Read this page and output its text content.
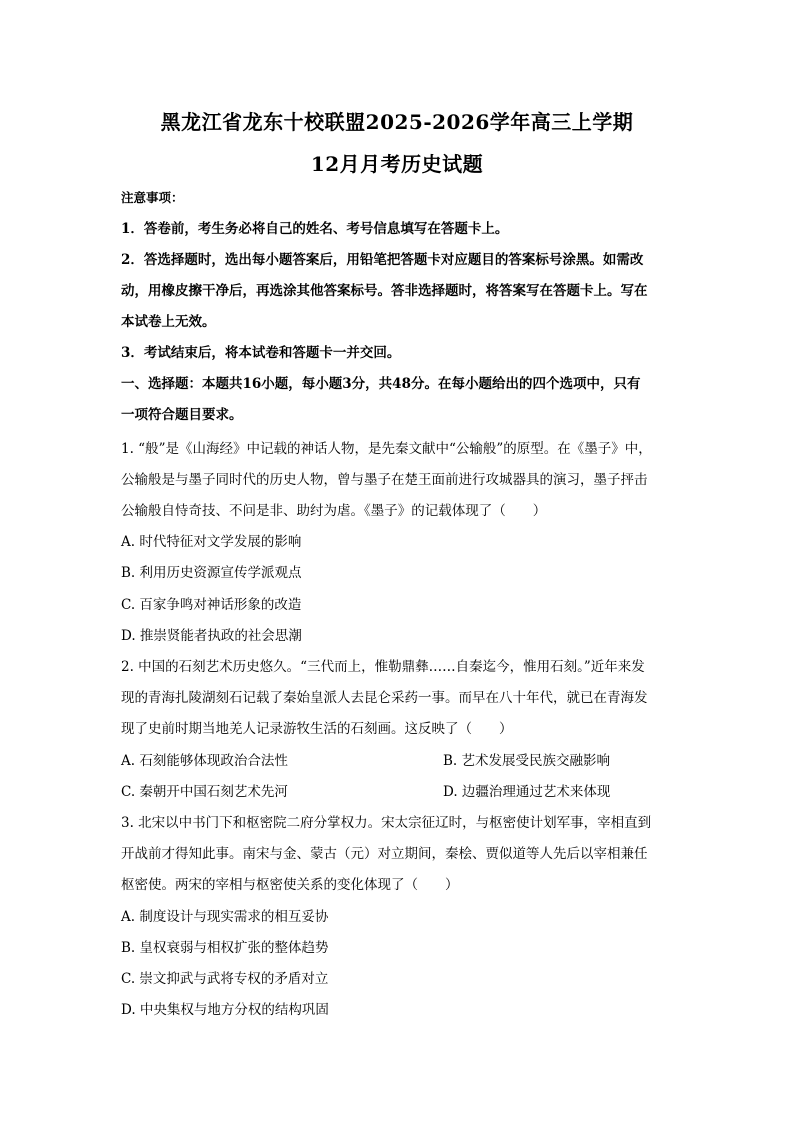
黑龙江省龙东十校联盟2025-2026学年高三上学期
12月月考历史试题
注意事项：
1．答卷前，考生务必将自己的姓名、考号信息填写在答题卡上。
2．答选择题时，选出每小题答案后，用铅笔把答题卡对应题目的答案标号涂黑。如需改
动，用橡皮擦干净后，再选涂其他答案标号。答非选择题时，将答案写在答题卡上。写在
本试卷上无效。
3．考试结束后，将本试卷和答题卡一并交回。
一、选择题：本题共16小题，每小题3分，共48分。在每小题给出的四个选项中，只有
一项符合题目要求。
1. “般”是《山海经》中记载的神话人物，是先秦文献中“公输般”的原型。在《墨子》中，
公输般是与墨子同时代的历史人物，曾与墨子在楚王面前进行攻城器具的演习，墨子抨击
公输般自恃奇技、不问是非、助纣为虐。《墨子》的记载体现了（　　）
A. 时代特征对文学发展的影响
B. 利用历史资源宣传学派观点
C. 百家争鸣对神话形象的改造
D. 推崇贤能者执政的社会思潮
2. 中国的石刻艺术历史悠久。“三代而上，惟勒鼎彝……自秦迄今，惟用石刻。”近年来发
现的青海扎陵湖刻石记载了秦始皇派人去昆仑采药一事。而早在八十年代，就已在青海发
现了史前时期当地羌人记录游牧生活的石刻画。这反映了（　　）
A. 石刻能够体现政治合法性	B. 艺术发展受民族交融影响
C. 秦朝开中国石刻艺术先河	D. 边疆治理通过艺术来体现
3. 北宋以中书门下和枢密院二府分掌权力。宋太宗征辽时，与枢密使计划军事，宰相直到
开战前才得知此事。南宋与金、蒙古（元）对立期间，秦桧、贾似道等人先后以宰相兼任
枢密使。两宋的宰相与枢密使关系的变化体现了（　　）
A. 制度设计与现实需求的相互妥协
B. 皇权衰弱与相权扩张的整体趋势
C. 崇文抑武与武将专权的矛盾对立
D. 中央集权与地方分权的结构巩固
